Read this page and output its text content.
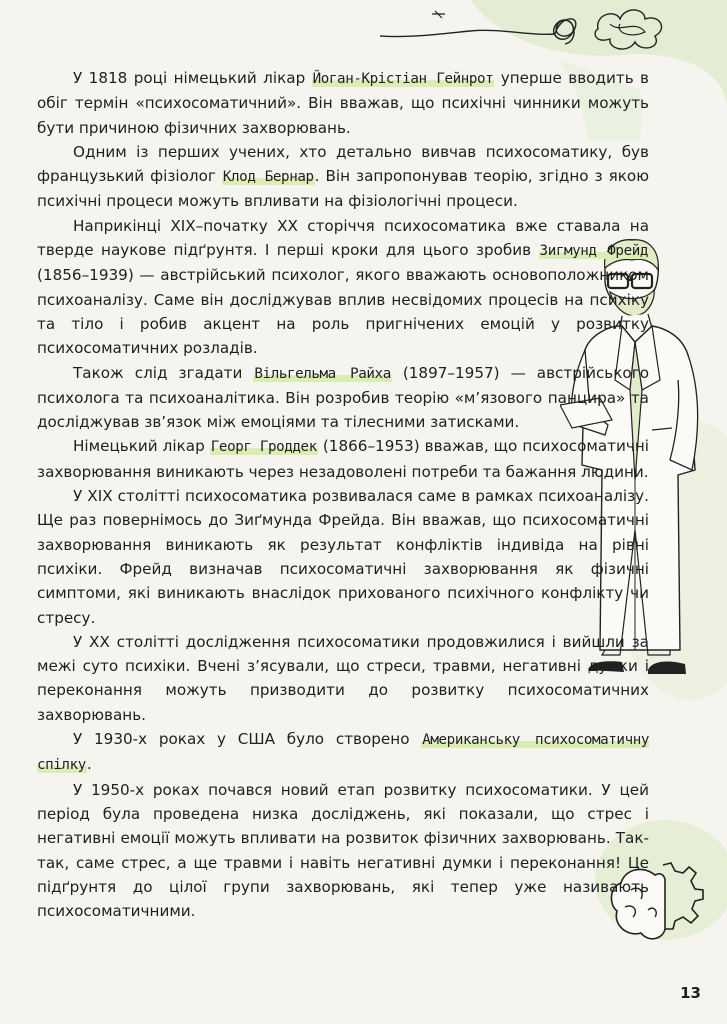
У 1818 році німецький лікар Йоган-Крістіан Гейнрот уперше вводить в обіг термін «психосоматичний». Він вважав, що психічні чинники можуть бути причиною фізичних захворювань.

Одним із перших учених, хто детально вивчав психосоматику, був французький фізіолог Клод Бернар. Він запропонував теорію, згідно з якою психічні процеси можуть впливати на фізіологічні процеси.

Наприкінці XIX–початку XX сторіччя психосоматика вже ставала на тверде наукове підґрунтя. І перші кроки для цього зробив Зигмунд Фрейд (1856–1939) — австрійський психолог, якого вважають основоположником психоаналізу. Саме він досліджував вплив несвідомих процесів на психіку та тіло і робив акцент на роль пригнічених емоцій у розвитку психосоматичних розладів.

Також слід згадати Вільгельма Райха (1897–1957) — австрійського психолога та психоаналітика. Він розробив теорію «м’язового панцира» та досліджував зв’язок між емоціями та тілесними затисками.

Німецький лікар Георг Гроддек (1866–1953) вважав, що психосоматичні захворювання виникають через незадоволені потреби та бажання людини.

У XIX столітті психосоматика розвивалася саме в рамках психоаналізу. Ще раз повернімось до Зиґмунда Фрейда. Він вважав, що психосоматичні захворювання виникають як результат конфліктів індивіда на рівні психіки. Фрейд визначав психосоматичні захворювання як фізичні симптоми, які виникають внаслідок прихованого психічного конфлікту чи стресу.

У XX столітті дослідження психосоматики продовжилися і вийшли за межі суто психіки. Вчені з’ясували, що стреси, травми, негативні думки і переконання можуть призводити до розвитку психосоматичних захворювань.

У 1930-х роках у США було створено Американську психосоматичну спілку.

У 1950-х роках почався новий етап розвитку психосоматики. У цей період була проведена низка досліджень, які показали, що стрес і негативні емоції можуть впливати на розвиток фізичних захворювань. Так-так, саме стрес, а ще травми і навіть негативні думки і переконання! Це підґрунтя до цілої групи захворювань, які тепер уже називають психосоматичними.

13
